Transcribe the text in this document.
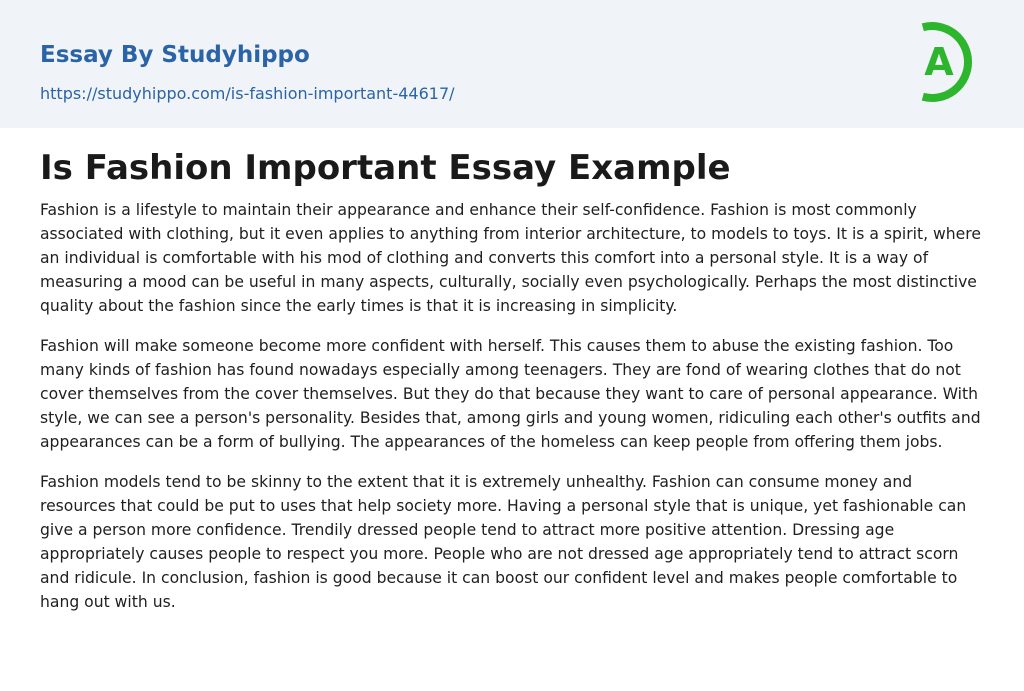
Essay By Studyhippo
https://studyhippo.com/is-fashion-important-44617/
A
Is Fashion Important Essay Example

Fashion is a lifestyle to maintain their appearance and enhance their self-confidence. Fashion is most commonly associated with clothing, but it even applies to anything from interior architecture, to models to toys. It is a spirit, where an individual is comfortable with his mod of clothing and converts this comfort into a personal style. It is a way of measuring a mood can be useful in many aspects, culturally, socially even psychologically. Perhaps the most distinctive quality about the fashion since the early times is that it is increasing in simplicity.

Fashion will make someone become more confident with herself. This causes them to abuse the existing fashion. Too many kinds of fashion has found nowadays especially among teenagers. They are fond of wearing clothes that do not cover themselves from the cover themselves. But they do that because they want to care of personal appearance. With style, we can see a person's personality. Besides that, among girls and young women, ridiculing each other's outfits and appearances can be a form of bullying. The appearances of the homeless can keep people from offering them jobs.

Fashion models tend to be skinny to the extent that it is extremely unhealthy. Fashion can consume money and resources that could be put to uses that help society more. Having a personal style that is unique, yet fashionable can give a person more confidence. Trendily dressed people tend to attract more positive attention. Dressing age appropriately causes people to respect you more. People who are not dressed age appropriately tend to attract scorn and ridicule. In conclusion, fashion is good because it can boost our confident level and makes people comfortable to hang out with us.
